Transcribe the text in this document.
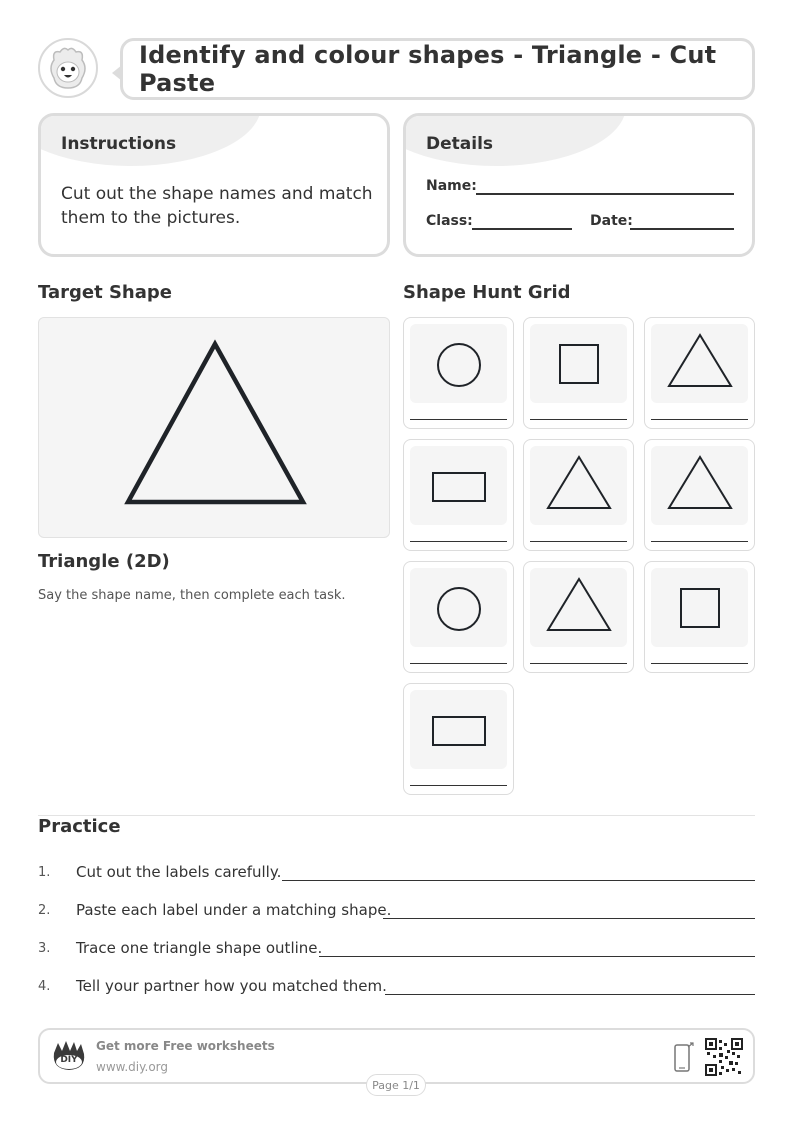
Identify and colour shapes - Triangle - Cut Paste
Instructions
Cut out the shape names and match them to the pictures.
Details
Name:
Class:	Date:
Target Shape
Triangle (2D)
Say the shape name, then complete each task.
Shape Hunt Grid
Practice
1. Cut out the labels carefully.
2. Paste each label under a matching shape.
3. Trace one triangle shape outline.
4. Tell your partner how you matched them.
DIY
Get more Free worksheets
www.diy.org
Page 1/1
